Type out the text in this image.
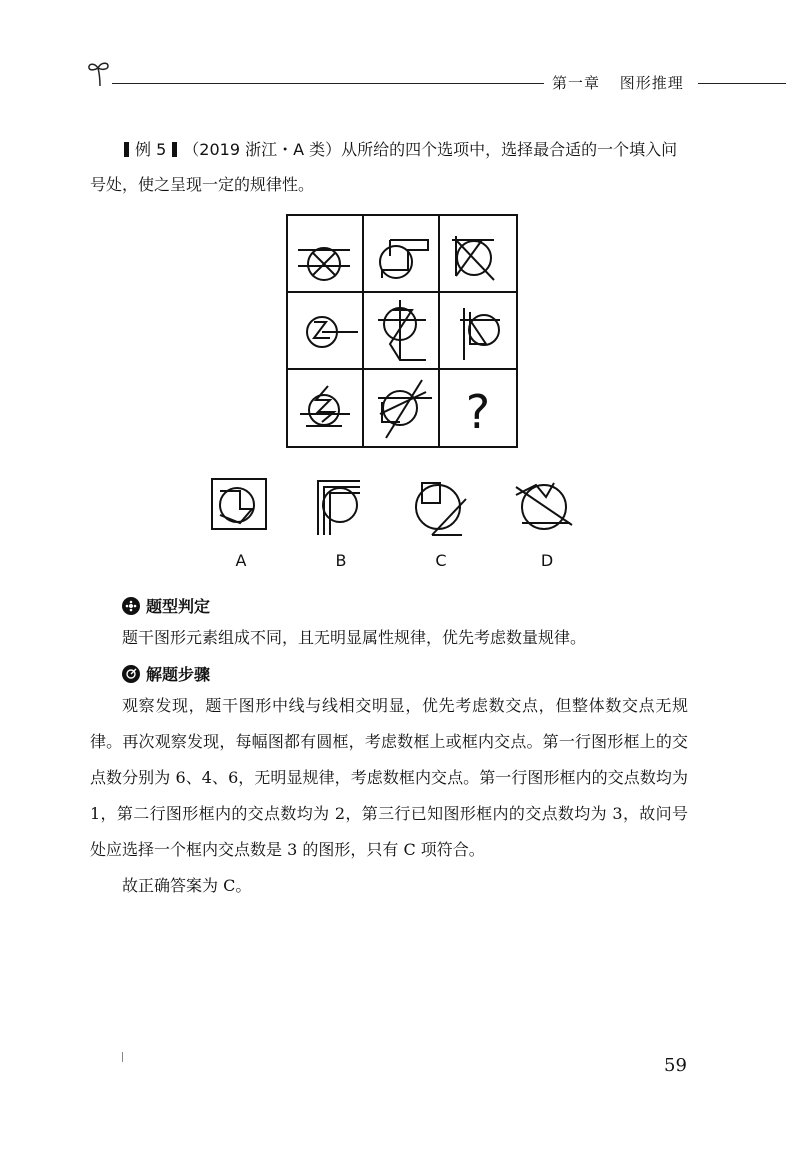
第一章 图形推理
例 5 （2019 浙江・A 类）从所给的四个选项中，选择最合适的一个填入问
号处，使之呈现一定的规律性。
?
A	B	C	D
题型判定
题干图形元素组成不同，且无明显属性规律，优先考虑数量规律。
解题步骤
观察发现，题干图形中线与线相交明显，优先考虑数交点，但整体数交点无规律。再次观察发现，每幅图都有圆框，考虑数框上或框内交点。第一行图形框上的交点数分别为 6、4、6，无明显规律，考虑数框内交点。第一行图形框内的交点数均为 1，第二行图形框内的交点数均为 2，第三行已知图形框内的交点数均为 3，故问号处应选择一个框内交点数是 3 的图形，只有 C 项符合。
故正确答案为 C。
59
